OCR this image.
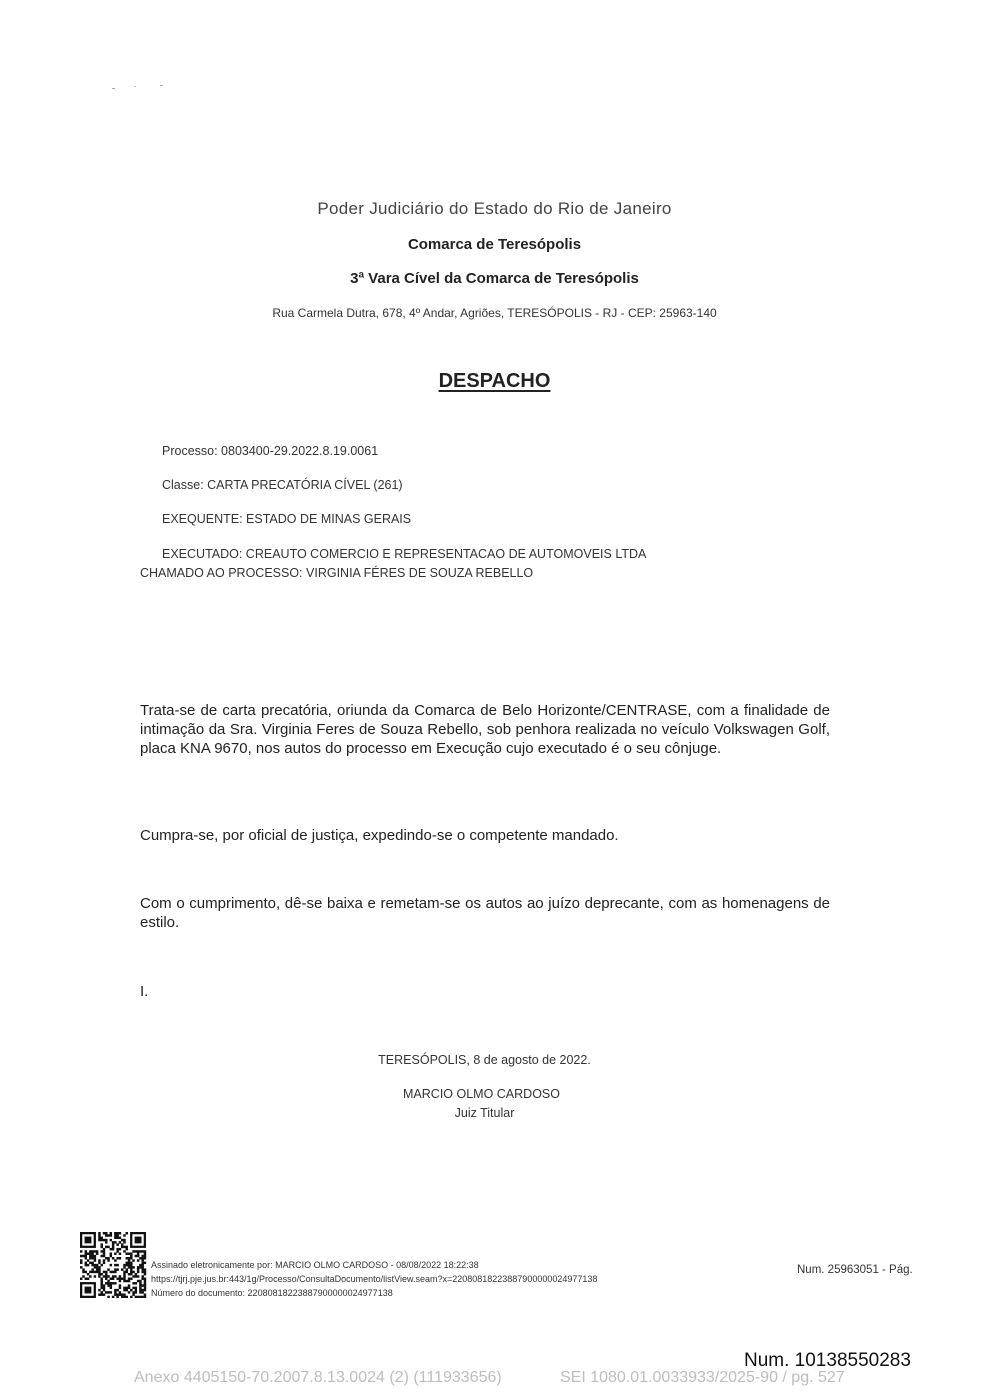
Poder Judiciário do Estado do Rio de Janeiro
Comarca de Teresópolis
3ª Vara Cível da Comarca de Teresópolis
Rua Carmela Dutra, 678, 4º Andar, Agriões, TERESÓPOLIS - RJ - CEP: 25963-140
DESPACHO
Processo: 0803400-29.2022.8.19.0061
Classe: CARTA PRECATÓRIA CÍVEL (261)
EXEQUENTE: ESTADO DE MINAS GERAIS
EXECUTADO: CREAUTO COMERCIO E REPRESENTACAO DE AUTOMOVEIS LTDA
CHAMADO AO PROCESSO: VIRGINIA FÉRES DE SOUZA REBELLO
Trata-se de carta precatória, oriunda da Comarca de Belo Horizonte/CENTRASE, com a finalidade de intimação da Sra. Virginia Feres de Souza Rebello, sob penhora realizada no veículo Volkswagen Golf, placa KNA 9670, nos autos do processo em Execução cujo executado é o seu cônjuge.
Cumpra-se, por oficial de justiça, expedindo-se o competente mandado.
Com o cumprimento, dê-se baixa e remetam-se os autos ao juízo deprecante, com as homenagens de estilo.
I.
TERESÓPOLIS, 8 de agosto de 2022.
MARCIO OLMO CARDOSO
Juiz Titular
Assinado eletronicamente por: MARCIO OLMO CARDOSO - 08/08/2022 18:22:38
https://tjrj.pje.jus.br:443/1g/Processo/ConsultaDocumento/listView.seam?x=22080818223887900000024977138
Número do documento: 22080818223887900000024977138
Num. 25963051 - Pág.
Num. 10138550283
Anexo 4405150-70.2007.8.13.0024 (2) (111933656)	SEI 1080.01.0033933/2025-90 / pg. 527
